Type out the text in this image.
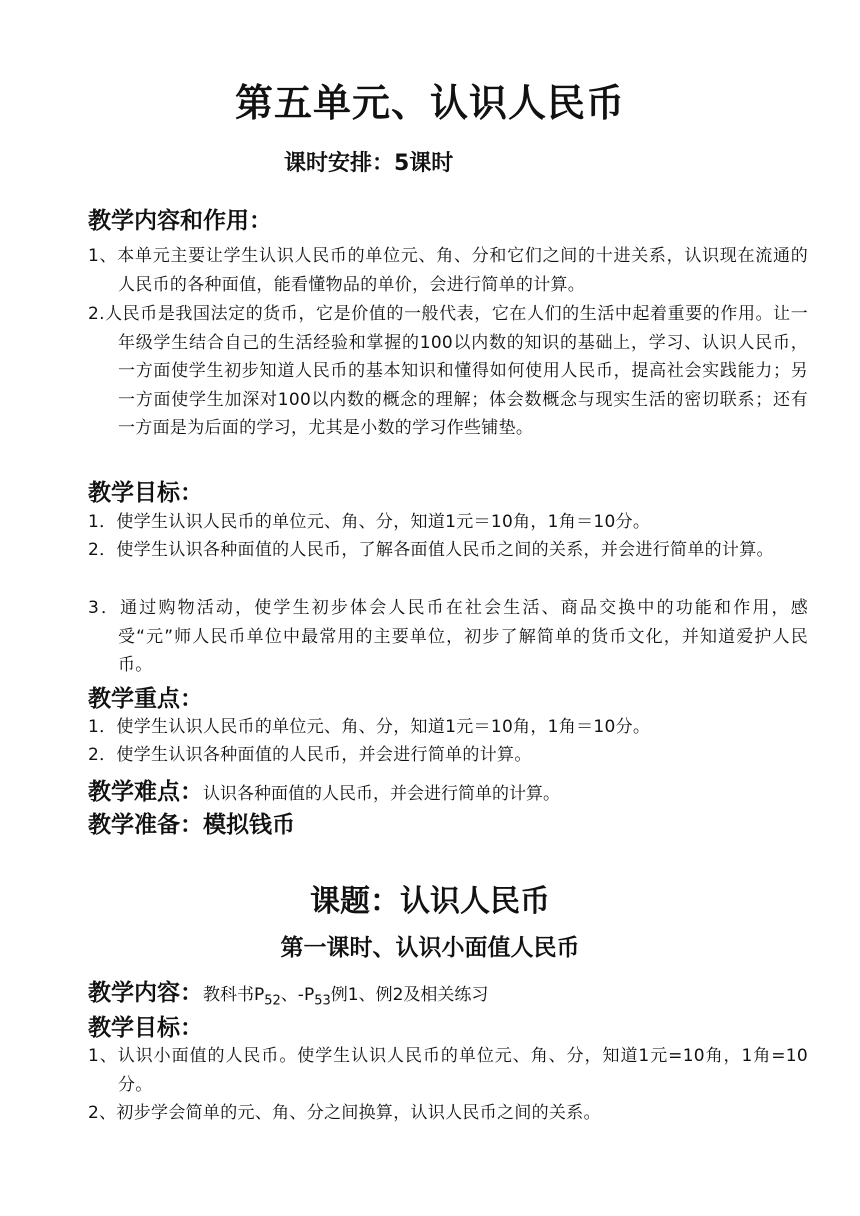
第五单元、认识人民币
课时安排：5课时
教学内容和作用：
1、本单元主要让学生认识人民币的单位元、角、分和它们之间的十进关系，认识现在流通的人民币的各种面值，能看懂物品的单价，会进行简单的计算。
2.人民币是我国法定的货币，它是价值的一般代表，它在人们的生活中起着重要的作用。让一年级学生结合自己的生活经验和掌握的100以内数的知识的基础上，学习、认识人民币，一方面使学生初步知道人民币的基本知识和懂得如何使用人民币，提高社会实践能力；另一方面使学生加深对100以内数的概念的理解；体会数概念与现实生活的密切联系；还有一方面是为后面的学习，尤其是小数的学习作些铺垫。
教学目标：
1．使学生认识人民币的单位元、角、分，知道1元＝10角，1角＝10分。
2．使学生认识各种面值的人民币，了解各面值人民币之间的关系，并会进行简单的计算。
3．通过购物活动，使学生初步体会人民币在社会生活、商品交换中的功能和作用，感受“元”师人民币单位中最常用的主要单位，初步了解简单的货币文化，并知道爱护人民币。
教学重点：
1．使学生认识人民币的单位元、角、分，知道1元＝10角，1角＝10分。
2．使学生认识各种面值的人民币，并会进行简单的计算。
教学难点：认识各种面值的人民币，并会进行简单的计算。
教学准备：模拟钱币
课题：认识人民币
第一课时、认识小面值人民币
教学内容：教科书$P_{52}$、$-P_{53}$例1、例2及相关练习
教学目标：
1、认识小面值的人民币。使学生认识人民币的单位元、角、分，知道1元=10角，1角=10分。
2、初步学会简单的元、角、分之间换算，认识人民币之间的关系。
